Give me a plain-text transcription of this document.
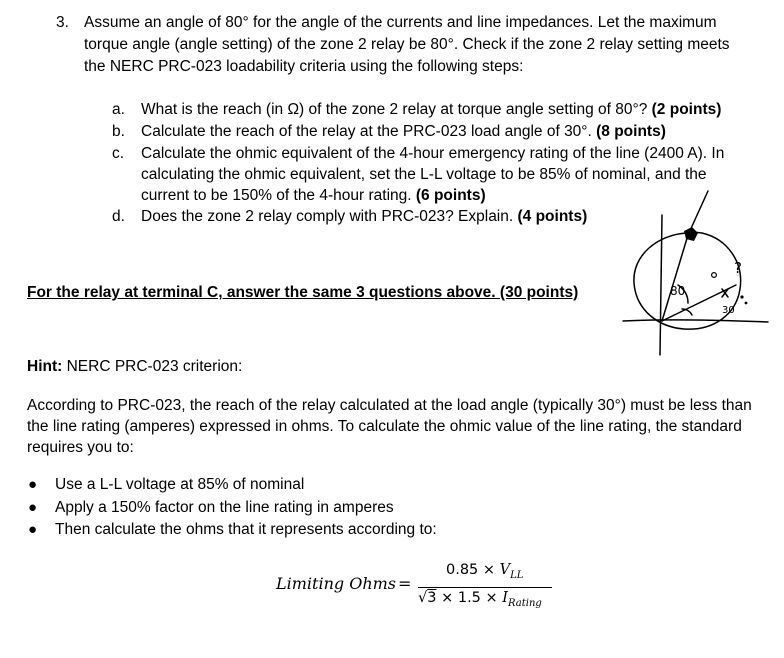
3. Assume an angle of 80° for the angle of the currents and line impedances. Let the maximum
torque angle (angle setting) of the zone 2 relay be 80°. Check if the zone 2 relay setting meets
the NERC PRC-023 loadability criteria using the following steps:
a. What is the reach (in Ω) of the zone 2 relay at torque angle setting of 80°? (2 points)
b. Calculate the reach of the relay at the PRC-023 load angle of 30°. (8 points)
c. Calculate the ohmic equivalent of the 4-hour emergency rating of the line (2400 A). In
calculating the ohmic equivalent, set the L-L voltage to be 85% of nominal, and the
current to be 150% of the 4-hour rating. (6 points)
d. Does the zone 2 relay comply with PRC-023? Explain. (4 points)
For the relay at terminal C, answer the same 3 questions above. (30 points)
Hint: NERC PRC-023 criterion:
According to PRC-023, the reach of the relay calculated at the load angle (typically 30°) must be less than
the line rating (amperes) expressed in ohms. To calculate the ohmic value of the line rating, the standard
requires you to:
● Use a L-L voltage at 85% of nominal
● Apply a 150% factor on the line rating in amperes
● Then calculate the ohms that it represents according to:
Limiting Ohms =
$0.85 \times V_{LL}$
$√3 \times 1.5 \times I_{Rating}$
80
?
30
